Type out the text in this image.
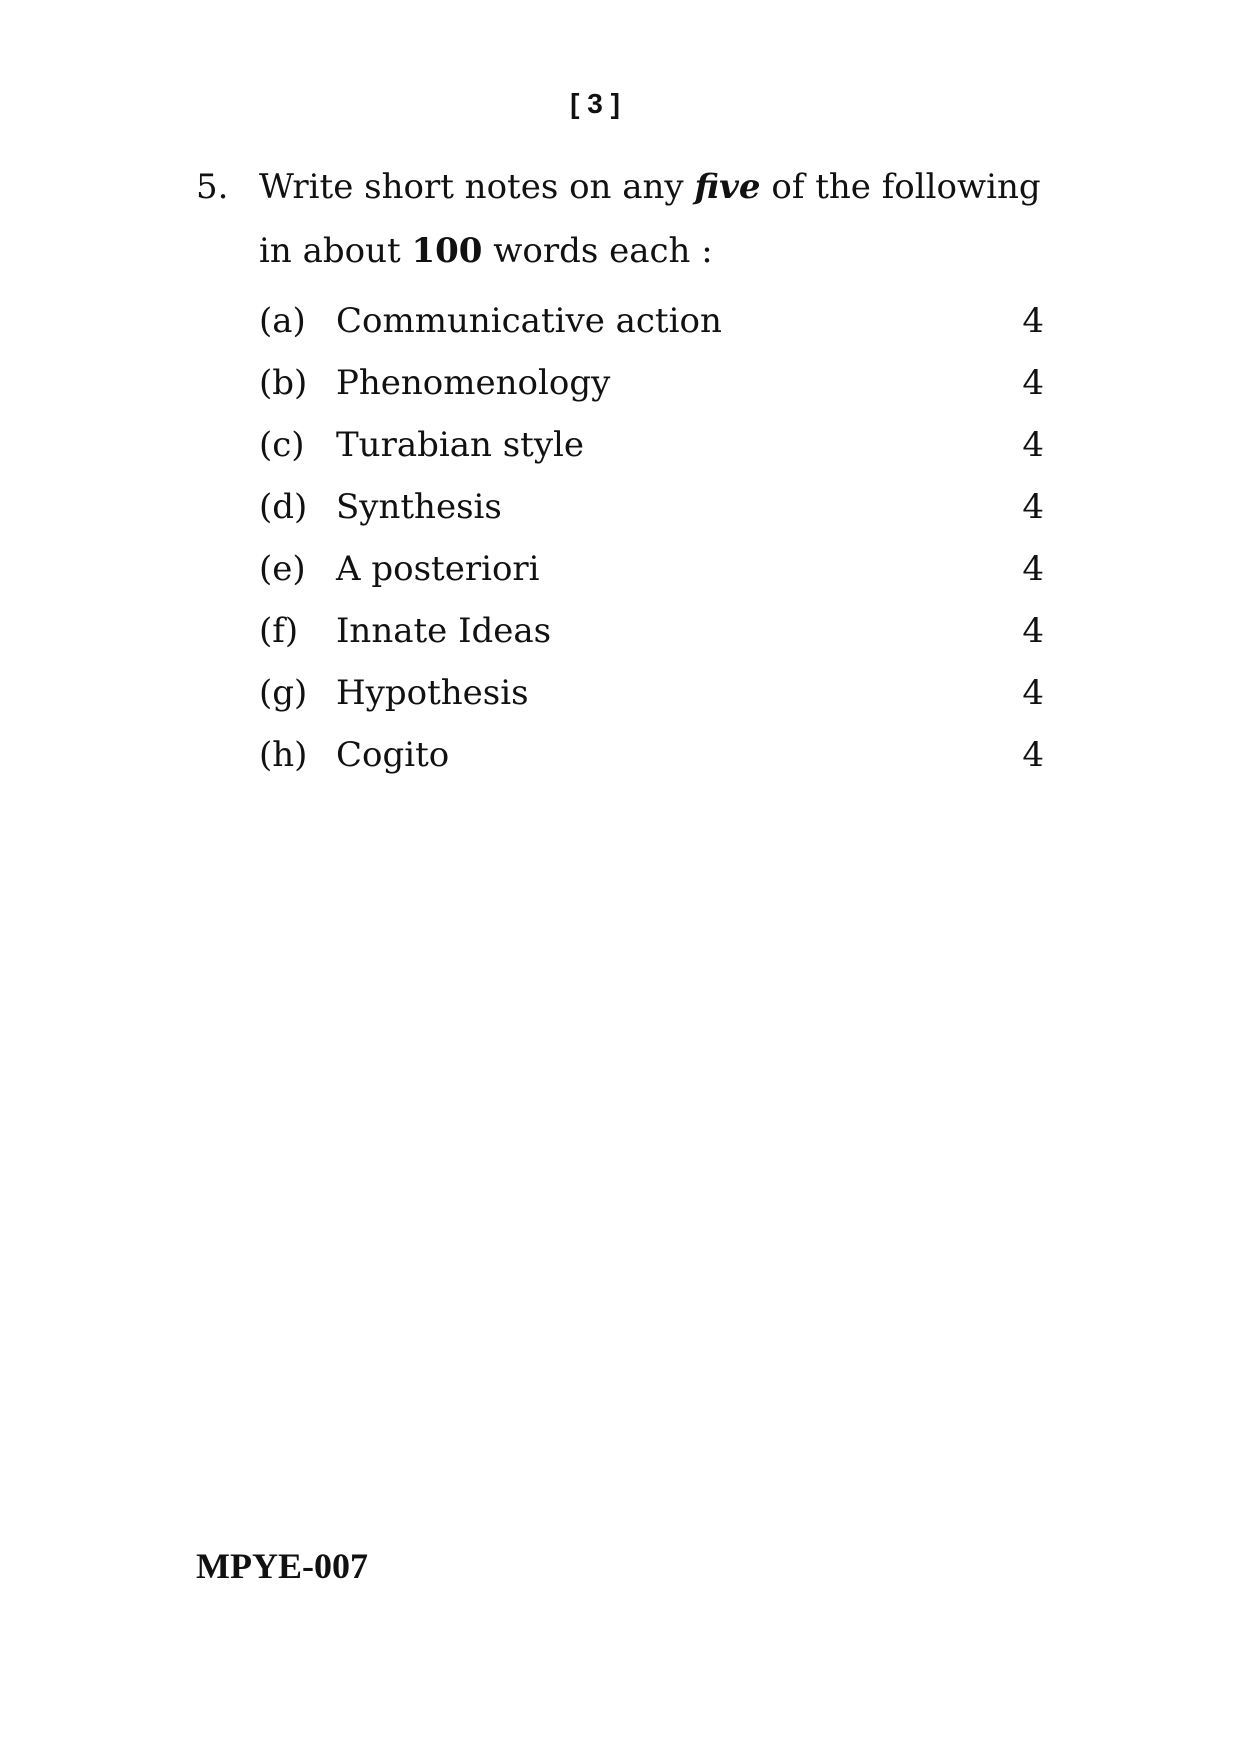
[ 3 ]
5. Write short notes on any five of the following in about 100 words each :
(a) Communicative action	4
(b) Phenomenology	4
(c) Turabian style	4
(d) Synthesis	4
(e) A posteriori	4
(f) Innate Ideas	4
(g) Hypothesis	4
(h) Cogito	4
MPYE-007
